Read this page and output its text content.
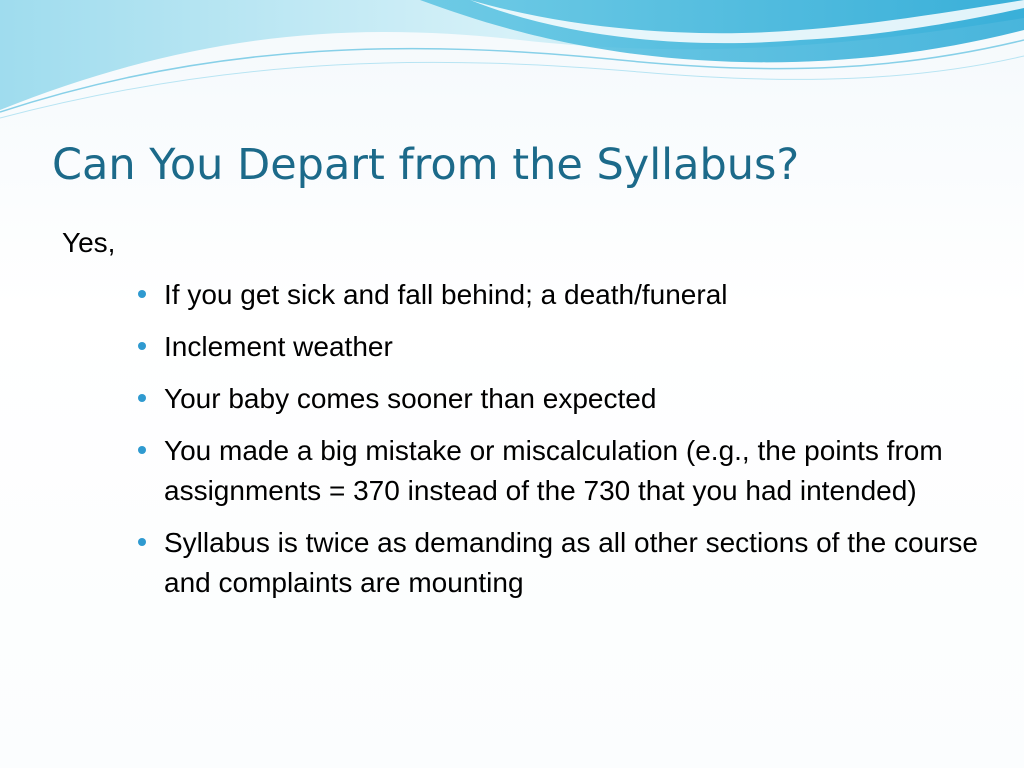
Can You Depart from the Syllabus?

Yes,

If you get sick and fall behind; a death/funeral
Inclement weather
Your baby comes sooner than expected
You made a big mistake or miscalculation (e.g., the points from assignments = 370 instead of the 730 that you had intended)
Syllabus is twice as demanding as all other sections of the course and complaints are mounting
